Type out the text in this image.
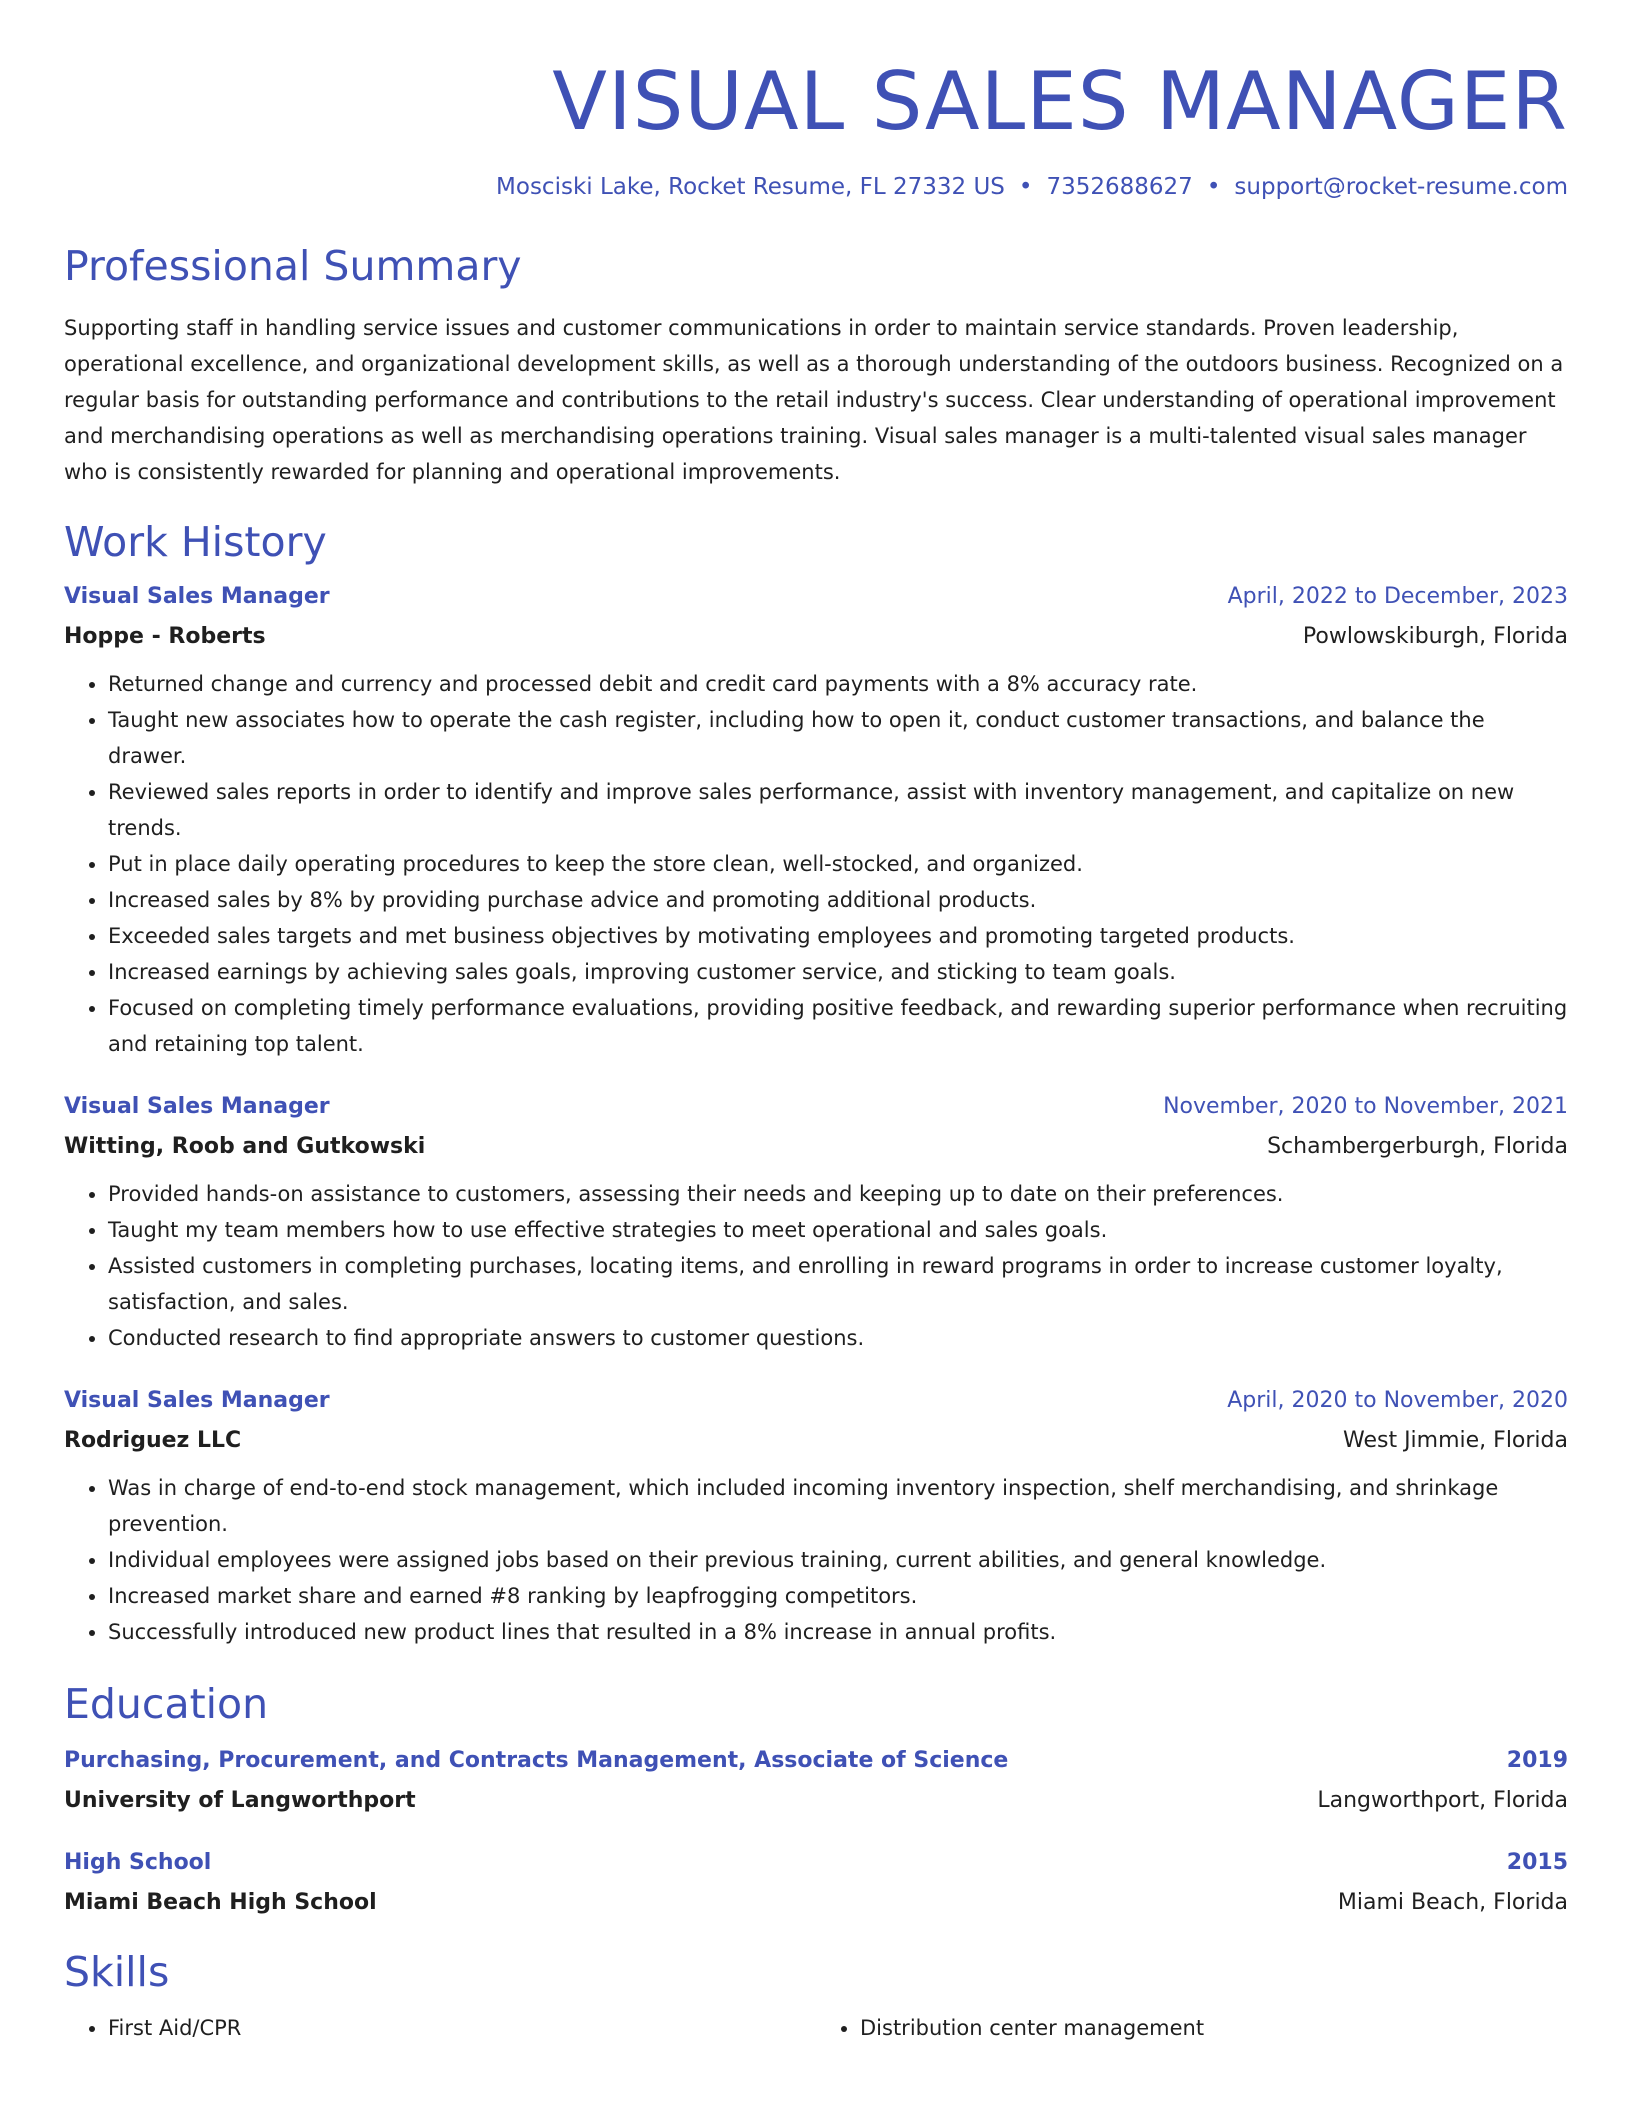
VISUAL SALES MANAGER
Mosciski Lake, Rocket Resume, FL 27332 US • 7352688627 • support@rocket-resume.com
Professional Summary

Supporting staff in handling service issues and customer communications in order to maintain service standards. Proven leadership, operational excellence, and organizational development skills, as well as a thorough understanding of the outdoors business. Recognized on a regular basis for outstanding performance and contributions to the retail industry's success. Clear understanding of operational improvement and merchandising operations as well as merchandising operations training. Visual sales manager is a multi-talented visual sales manager who is consistently rewarded for planning and operational improvements.

Work History
Visual Sales Manager	April, 2022 to December, 2023
Hoppe - Roberts	Powlowskiburgh, Florida
• Returned change and currency and processed debit and credit card payments with a 8% accuracy rate.
• Taught new associates how to operate the cash register, including how to open it, conduct customer transactions, and balance the drawer.
• Reviewed sales reports in order to identify and improve sales performance, assist with inventory management, and capitalize on new trends.
• Put in place daily operating procedures to keep the store clean, well-stocked, and organized.
• Increased sales by 8% by providing purchase advice and promoting additional products.
• Exceeded sales targets and met business objectives by motivating employees and promoting targeted products.
• Increased earnings by achieving sales goals, improving customer service, and sticking to team goals.
• Focused on completing timely performance evaluations, providing positive feedback, and rewarding superior performance when recruiting and retaining top talent.
Visual Sales Manager	November, 2020 to November, 2021
Witting, Roob and Gutkowski	Schambergerburgh, Florida
• Provided hands-on assistance to customers, assessing their needs and keeping up to date on their preferences.
• Taught my team members how to use effective strategies to meet operational and sales goals.
• Assisted customers in completing purchases, locating items, and enrolling in reward programs in order to increase customer loyalty, satisfaction, and sales.
• Conducted research to find appropriate answers to customer questions.
Visual Sales Manager	April, 2020 to November, 2020
Rodriguez LLC	West Jimmie, Florida
• Was in charge of end-to-end stock management, which included incoming inventory inspection, shelf merchandising, and shrinkage prevention.
• Individual employees were assigned jobs based on their previous training, current abilities, and general knowledge.
• Increased market share and earned #8 ranking by leapfrogging competitors.
• Successfully introduced new product lines that resulted in a 8% increase in annual profits.
Education
Purchasing, Procurement, and Contracts Management, Associate of Science	2019
University of Langworthport	Langworthport, Florida
High School	2015
Miami Beach High School	Miami Beach, Florida
Skills
• First Aid/CPR
•	Distribution center management
